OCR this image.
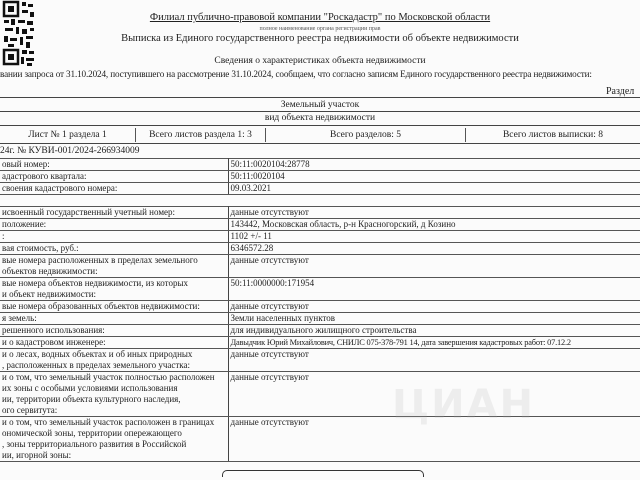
Филиал публично-правовой компании "Роскадастр" по Московской области
полное наименование органа регистрации прав
Выписка из Единого государственного реестра недвижимости об объекте недвижимости
Сведения о характеристиках объекта недвижимости
вании запроса от 31.10.2024, поступившего на рассмотрение 31.10.2024, сообщаем, что согласно записям Единого государственного реестра недвижимости:
Раздел
Земельный участок
вид объекта недвижимости
Лист № 1 раздела 1	Всего листов раздела 1: 3	Всего разделов: 5	Всего листов выписки: 8
24г. № КУВИ-001/2024-266934009
овый номер:	50:11:0020104:28778
адастрового квартала:	50:11:0020104
своения кадастрового номера:	09.03.2021
исвоенный государственный учетный номер:	данные отсутствуют

положение:	143442, Московская область, р-н Красногорский, д Козино

:	1102 +/- 11

вая стоимость, руб.:	6346572.28

вые номера расположенных в пределах земельного
объектов недвижимости:	данные отсутствуют

вые номера объектов недвижимости, из которых
и объект недвижимости:	50:11:0000000:171954

вые номера образованных объектов недвижимости:	данные отсутствуют

я земель:	Земли населенных пунктов

решенного использования:	для индивидуального жилищного строительства

и о кадастровом инженере:	Давыдчик Юрий Михайлович, СНИЛС 075-378-791 14, дата завершения кадастровых работ: 07.12.2

и о лесах, водных объектах и об иных природных
, расположенных в пределах земельного участка:	данные отсутствуют

и о том, что земельный участок полностью расположен
их зоны с особыми условиями использования
ии, территории объекта культурного наследия,
ого сервитута:	данные отсутствуют

и о том, что земельный участок расположен в границах
ономической зоны, территории опережающего
, зоны территориального развития в Российской
ии, игорной зоны:	данные отсутствуют ЦИАН
